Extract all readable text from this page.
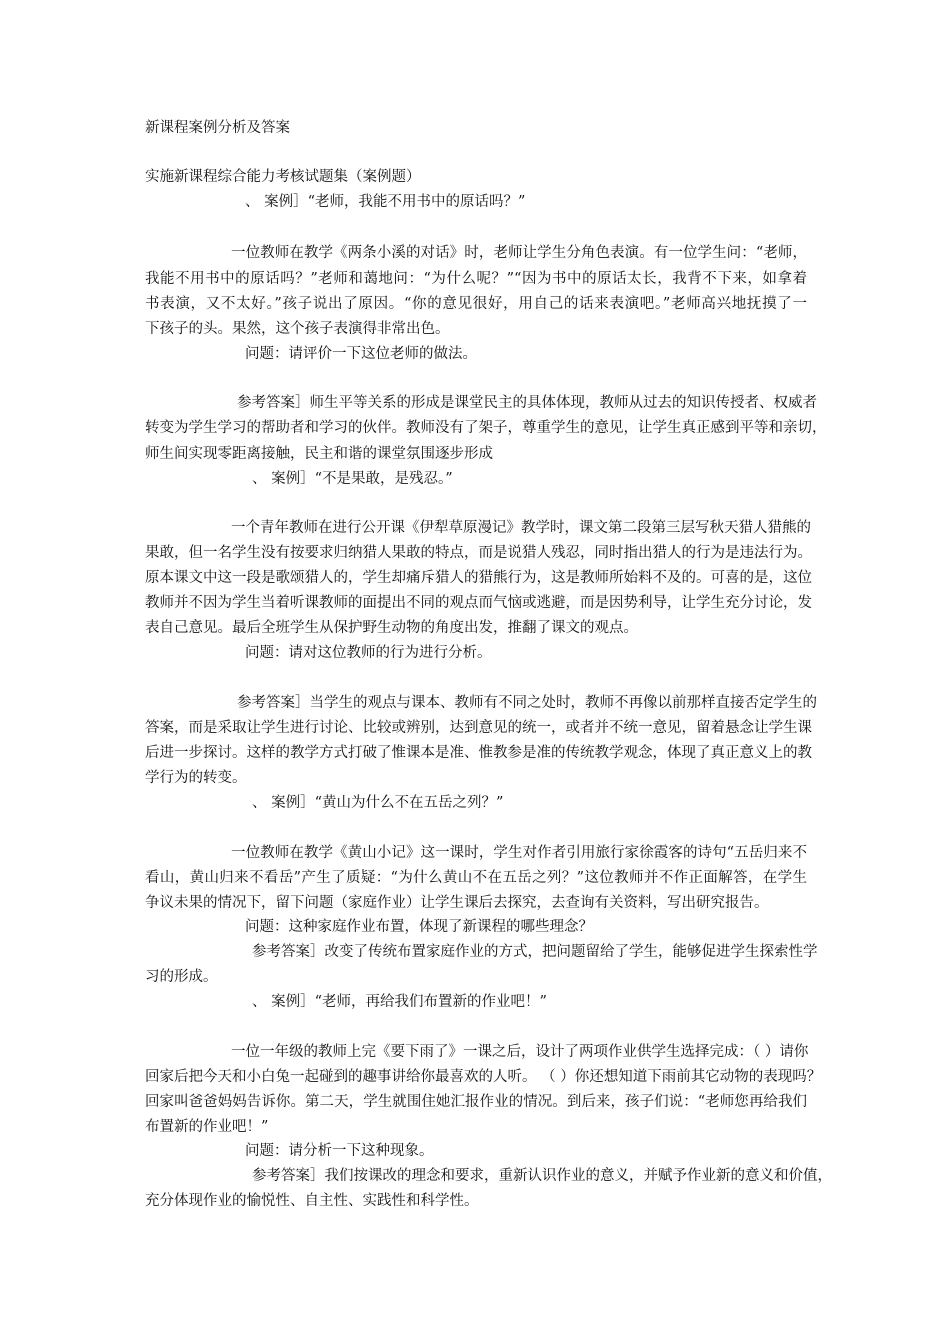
新课程案例分析及答案
实施新课程综合能力考核试题集（案例题）
、 案例］“老师，我能不用书中的原话吗？”
一位教师在教学《两条小溪的对话》时，老师让学生分角色表演。有一位学生问：“老师，
我能不用书中的原话吗？”老师和蔼地问：“为什么呢？”“因为书中的原话太长，我背不下来，如拿着
书表演，又不太好。”孩子说出了原因。“你的意见很好，用自己的话来表演吧。”老师高兴地抚摸了一
下孩子的头。果然，这个孩子表演得非常出色。
问题：请评价一下这位老师的做法。
参考答案］师生平等关系的形成是课堂民主的具体体现，教师从过去的知识传授者、权威者
转变为学生学习的帮助者和学习的伙伴。教师没有了架子，尊重学生的意见，让学生真正感到平等和亲切，
师生间实现零距离接触，民主和谐的课堂氛围逐步形成
、 案例］“不是果敢，是残忍。”
一个青年教师在进行公开课《伊犁草原漫记》教学时，课文第二段第三层写秋天猎人猎熊的
果敢，但一名学生没有按要求归纳猎人果敢的特点，而是说猎人残忍，同时指出猎人的行为是违法行为。
原本课文中这一段是歌颂猎人的，学生却痛斥猎人的猎熊行为，这是教师所始料不及的。可喜的是，这位
教师并不因为学生当着听课教师的面提出不同的观点而气恼或逃避，而是因势利导，让学生充分讨论，发
表自己意见。最后全班学生从保护野生动物的角度出发，推翻了课文的观点。
问题：请对这位教师的行为进行分析。
参考答案］当学生的观点与课本、教师有不同之处时，教师不再像以前那样直接否定学生的
答案，而是采取让学生进行讨论、比较或辨别，达到意见的统一，或者并不统一意见，留着悬念让学生课
后进一步探讨。这样的教学方式打破了惟课本是准、惟教参是准的传统教学观念，体现了真正意义上的教
学行为的转变。
、 案例］“黄山为什么不在五岳之列？”
一位教师在教学《黄山小记》这一课时，学生对作者引用旅行家徐霞客的诗句“五岳归来不
看山，黄山归来不看岳”产生了质疑：“为什么黄山不在五岳之列？”这位教师并不作正面解答，在学生
争议未果的情况下，留下问题（家庭作业）让学生课后去探究，去查询有关资料，写出研究报告。
问题：这种家庭作业布置，体现了新课程的哪些理念？
参考答案］改变了传统布置家庭作业的方式，把问题留给了学生，能够促进学生探索性学
习的形成。
、 案例］“老师，再给我们布置新的作业吧！”
一位一年级的教师上完《要下雨了》一课之后，设计了两项作业供学生选择完成：（ ）请你
回家后把今天和小白兔一起碰到的趣事讲给你最喜欢的人听。 （ ）你还想知道下雨前其它动物的表现吗？
回家叫爸爸妈妈告诉你。第二天，学生就围住她汇报作业的情况。到后来，孩子们说：“老师您再给我们
布置新的作业吧！”
问题：请分析一下这种现象。
参考答案］我们按课改的理念和要求，重新认识作业的意义，并赋予作业新的意义和价值，
充分体现作业的愉悦性、自主性、实践性和科学性。
